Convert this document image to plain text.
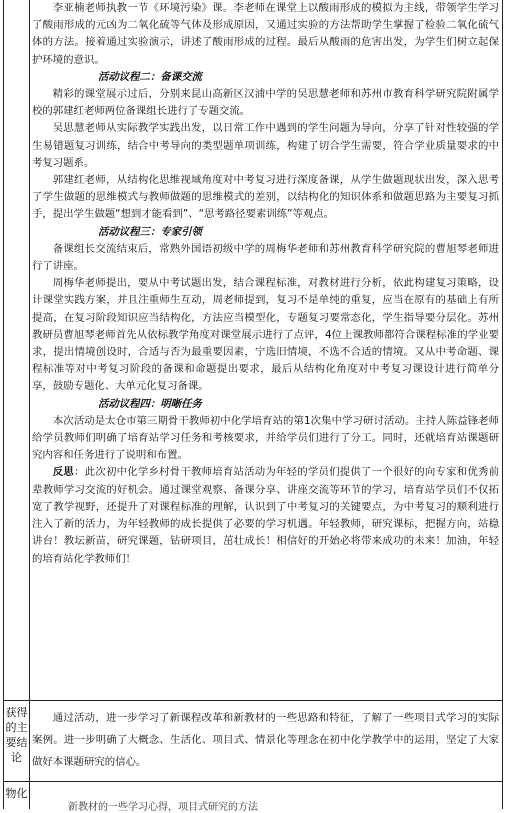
李亚楠老师执教一节《环境污染》课。李老师在课堂上以酸雨形成的模拟为主线，带领学生学习了酸雨形成的元凶为二氧化硫等气体及形成原因，又通过实验的方法帮助学生掌握了检验二氧化硫气体的方法。接着通过实验演示，讲述了酸雨形成的过程。最后从酸雨的危害出发，为学生们树立起保护环境的意识。

活动议程二：备课交流

精彩的课堂展示过后，分别来昆山高新区汉浦中学的吴思慧老师和苏州市教育科学研究院附属学校的郭建红老师两位备课组长进行了专题交流。

吴思慧老师从实际教学实践出发，以日常工作中遇到的学生问题为导向，分享了针对性较强的学生易错题复习训练，结合中考导向的类型题单项训练，构建了切合学生需要，符合学业质量要求的中考复习题系。

郭建红老师，从结构化思维视域角度对中考复习进行深度备课，从学生做题现状出发，深入思考了学生做题的思维模式与教师做题的思维模式的差别，以结构化的知识体系和做题思路为主要复习抓手，提出学生做题“想到才能看到”、“思考路径要素训练”等观点。

活动议程三：专家引领

备课组长交流结束后，常熟外国语初级中学的周梅华老师和苏州教育科学研究院的曹旭琴老师进行了讲座。

周梅华老师提出，要从中考试题出发，结合课程标准，对教材进行分析，依此构建复习策略，设计课堂实践方案，并且注重师生互动，周老师提到，复习不是单纯的重复，应当在原有的基础上有所提高，在复习阶段知识应当结构化，方法应当模型化，专题复习要常态化，学生指导要分层化。苏州教研员曹旭琴老师首先从依标教学角度对课堂展示进行了点评，4位上课教师都符合课程标准的学业要求，提出情境创设时，合适与否为最重要因素，宁选旧情境，不选不合适的情境。又从中考命题、课程标准等对中考复习阶段的备课和命题提出要求，最后从结构化角度对中考复习课设计进行简单分享，鼓励专题化、大单元化复习备课。

活动议程四：明晰任务

本次活动是太仓市第三期骨干教师初中化学培育站的第1次集中学习研讨活动。主持人陈益锋老师给学员教师们明确了培育站学习任务和考核要求，并给学员们进行了分工。同时，还就培育站课题研究内容和任务进行了说明和布置。

反思：此次初中化学乡村骨干教师培育站活动为年轻的学员们提供了一个很好的向专家和优秀前辈教师学习交流的好机会。通过课堂观察、备课分享、讲座交流等环节的学习，培育站学员们不仅拓宽了教学视野，还提升了对课程标准的理解，认识到了中考复习的关键要点，为中考复习的顺利进行注入了新的活力，为年轻教师的成长提供了必要的学习机遇。年轻教师，研究课标，把握方向，站稳讲台！教坛新苗，研究课题，钻研项目，茁壮成长！相信好的开始必将带来成功的未来！加油，年轻的培育站化学教师们！

获得的主要结论

通过活动，进一步学习了新课程改革和新教材的一些思路和特征，了解了一些项目式学习的实际案例。进一步明确了大概念、生活化、项目式、情景化等理念在初中化学教学中的运用，坚定了大家做好本课题研究的信心。

物化
新教材的一些学习心得，项目式研究的方法
